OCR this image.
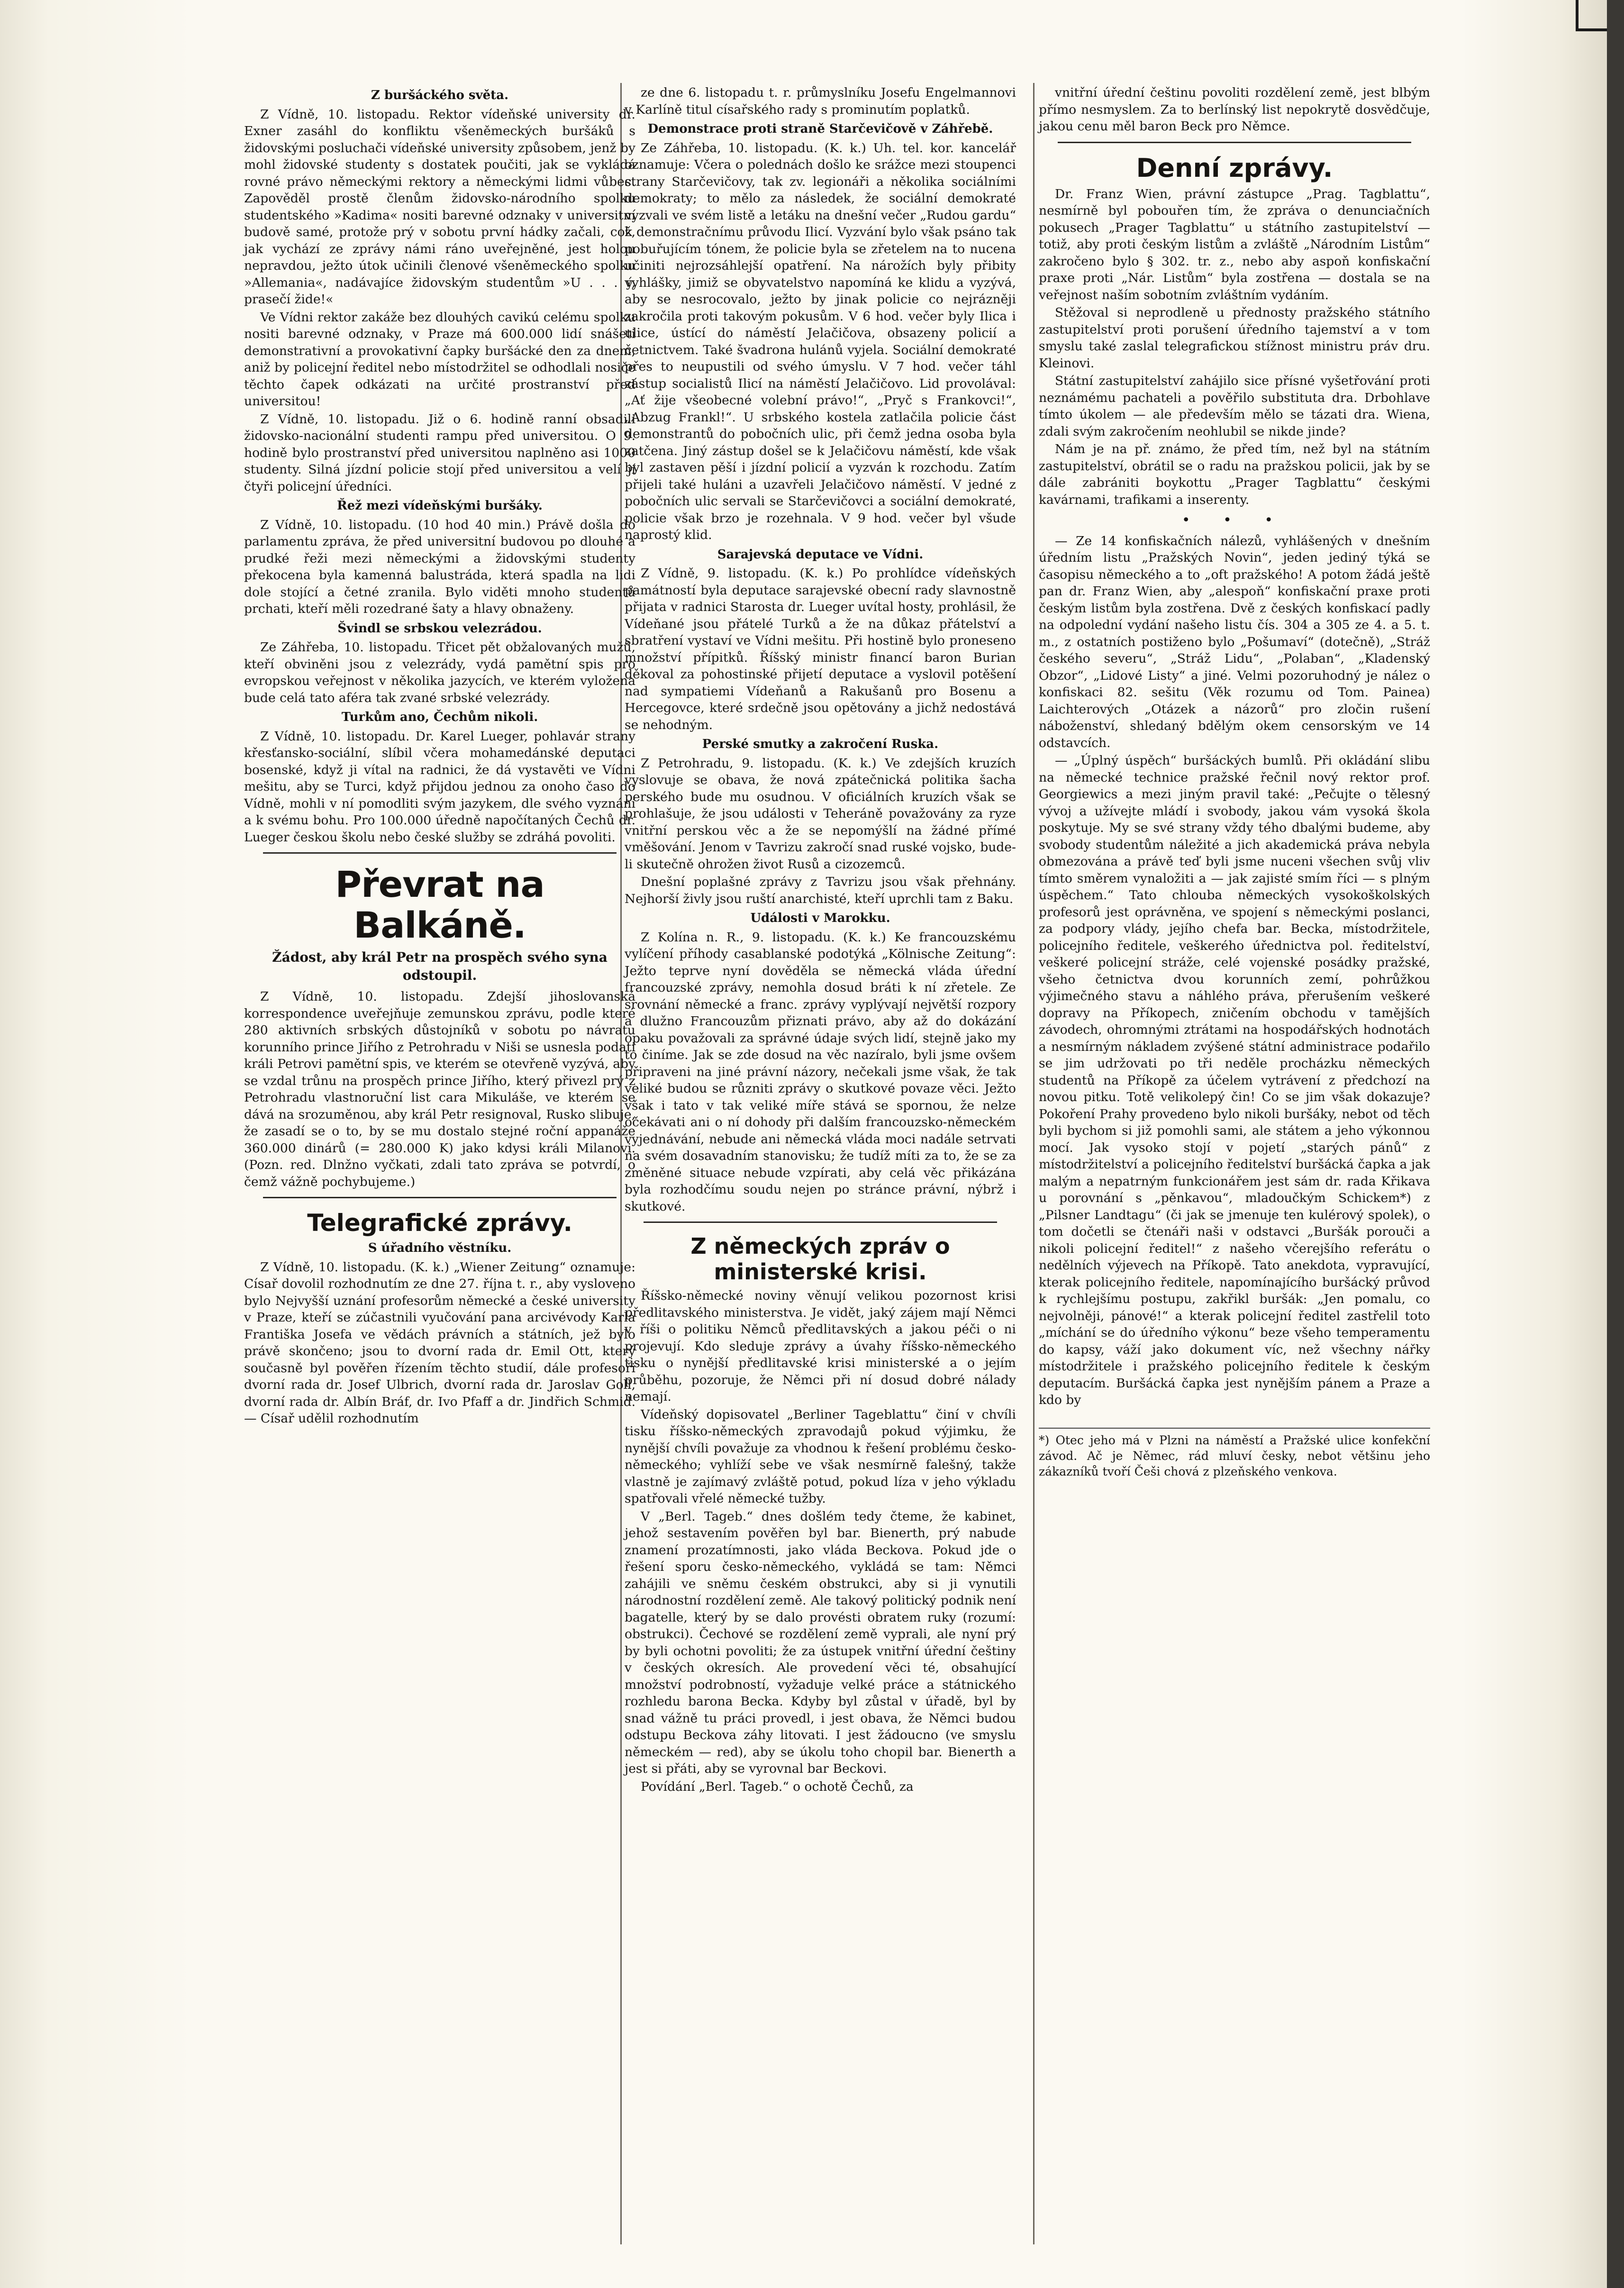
Z buršáckého světa.

Z Vídně, 10. listopadu. Rektor vídeňské university dr. Exner zasáhl do konfliktu všeněmeckých buršáků s židovskými posluchači vídeňské university způsobem, jenž by mohl židovské studenty s dostatek poučiti, jak se vykládá rovné právo německými rektory a německými lidmi vůbec. Zapověděl prostě členům židovsko-národního spolku studentského »Kadima« nositi barevné odznaky v universitní budově samé, protože prý v sobotu první hádky začali, což, jak vychází ze zprávy námi ráno uveřejněné, jest holou nepravdou, ježto útok učinili členové všeněmeckého spolku »Allemania«, nadávajíce židovským studentům »U . . . ý, prasečí žide!«

Ve Vídni rektor zakáže bez dlouhých cavikú celému spolku nositi barevné odznaky, v Praze má 600.000 lidí snášeti demonstrativní a provokativní čapky buršácké den za dnem, aniž by policejní ředitel nebo místodržitel se odhodlali nosiče těchto čapek odkázati na určité prostranství před universitou!

Z Vídně, 10. listopadu. Již o 6. hodině ranní obsadili židovsko-nacionální studenti rampu před universitou. O 9. hodině bylo prostranství před universitou naplněno asi 1000 studenty. Silná jízdní policie stojí před universitou a velí jí čtyři policejní úředníci.

Řež mezi vídeňskými buršáky.

Z Vídně, 10. listopadu. (10 hod 40 min.) Právě došla do parlamentu zpráva, že před universitní budovou po dlouhé a prudké řeži mezi německými a židovskými studenty překocena byla kamenná balustráda, která spadla na lidi dole stojící a četné zranila. Bylo viděti mnoho studentů prchati, kteří měli rozedrané šaty a hlavy obnaženy.

Švindl se srbskou velezrádou.

Ze Záhřeba, 10. listopadu. Třicet pět obžalovaných mužů, kteří obviněni jsou z velezrády, vydá pamětní spis pro evropskou veřejnost v několika jazycích, ve kterém vyložena bude celá tato aféra tak zvané srbské velezrády.

Turkům ano, Čechům nikoli.

Z Vídně, 10. listopadu. Dr. Karel Lueger, pohlavár strany křesťansko-sociální, slíbil včera mohamedánské deputaci bosenské, když ji vítal na radnici, že dá vystavěti ve Vídni mešitu, aby se Turci, když přijdou jednou za onoho časo do Vídně, mohli v ní pomodliti svým jazykem, dle svého vyznání a k svému bohu. Pro 100.000 úředně napočítaných Čechů dr. Lueger českou školu nebo české služby se zdráhá povoliti.

Převrat na Balkáně.
Žádost, aby král Petr na prospěch svého syna odstoupil.

Z Vídně, 10. listopadu. Zdejší jihoslovanská korrespondence uveřejňuje zemunskou zprávu, podle které 280 aktivních srbských důstojníků v sobotu po návratu korunního prince Jiřího z Petrohradu v Niši se usnesla podati králi Petrovi pamětní spis, ve kterém se otevřeně vyzývá, aby se vzdal trůnu na prospěch prince Jiřího, který přivezl prý z Petrohradu vlastnoruční list cara Mikuláše, ve kterém se dává na srozuměnou, aby král Petr resignoval, Rusko slibuje, že zasadí se o to, by se mu dostalo stejné roční appanáže 360.000 dinárů (= 280.000 K) jako kdysi králi Milanovi. (Pozn. red. Dlnžno vyčkati, zdali tato zpráva se potvrdí, o čemž vážně pochybujeme.)

Telegrafické zprávy.
S úřadního věstníku.

Z Vídně, 10. listopadu. (K. k.) „Wiener Zeitung“ oznamuje: Císař dovolil rozhodnutím ze dne 27. října t. r., aby vysloveno bylo Nejvyšší uznání profesorům německé a české university v Praze, kteří se zúčastnili vyučování pana arcivévody Karla Františka Josefa ve vědách právních a státních, jež bylo právě skončeno; jsou to dvorní rada dr. Emil Ott, který současně byl pověřen řízením těchto studií, dále profesoři dvorní rada dr. Josef Ulbrich, dvorní rada dr. Jaroslav Goll, dvorní rada dr. Albín Bráf, dr. Ivo Pfaff a dr. Jindřich Schmid. — Císař udělil rozhodnutím

ze dne 6. listopadu t. r. průmyslníku Josefu Engelmannovi v Karlíně titul císařského rady s prominutím poplatků.

Demonstrace proti straně Starčevičově v Záhřebě.

Ze Záhřeba, 10. listopadu. (K. k.) Uh. tel. kor. kancelář oznamuje: Včera o polednách došlo ke srážce mezi stoupenci strany Starčevičovy, tak zv. legionáři a několika sociálními demokraty; to mělo za následek, že sociální demokraté vyzvali ve svém listě a letáku na dnešní večer „Rudou gardu“ k demonstračnímu průvodu Ilicí. Vyzvání bylo však psáno tak pobuřujícím tónem, že policie byla se zřetelem na to nucena učiniti nejrozsáhlejší opatření. Na nárožích byly přibity vyhlášky, jimiž se obyvatelstvo napomíná ke klidu a vyzývá, aby se nesrocovalo, ježto by jinak policie co nejrázněji zakročila proti takovým pokusům. V 6 hod. večer byly Ilica i ulice, ústící do náměstí Jelačičova, obsazeny policií a četnictvem. Také švadrona hulánů vyjela. Sociální demokraté přes to neupustili od svého úmyslu. V 7 hod. večer táhl zástup socialistů Ilicí na náměstí Jelačičovo. Lid provolával: „Ať žije všeobecné volební právo!“, „Pryč s Frankovci!“, „Abzug Frankl!“. U srbského kostela zatlačila policie část demonstrantů do pobočních ulic, při čemž jedna osoba byla zatčena. Jiný zástup došel se k Jelačičovu náměstí, kde však byl zastaven pěší i jízdní policií a vyzván k rozchodu. Zatím přijeli také huláni a uzavřeli Jelačičovo náměstí. V jedné z pobočních ulic servali se Starčevičovci a sociální demokraté, policie však brzo je rozehnala. V 9 hod. večer byl všude naprostý klid.

Sarajevská deputace ve Vídni.

Z Vídně, 9. listopadu. (K. k.) Po prohlídce vídeňských památností byla deputace sarajevské obecní rady slavnostně přijata v radnici Starosta dr. Lueger uvítal hosty, prohlásil, že Vídeňané jsou přátelé Turků a že na důkaz přátelství a sbratření vystaví ve Vídni mešitu. Při hostině bylo proneseno množství přípitků. Říšský ministr financí baron Burian děkoval za pohostinské přijetí deputace a vyslovil potěšení nad sympatiemi Vídeňanů a Rakušanů pro Bosenu a Hercegovce, které srdečně jsou opětovány a jichž nedostává se nehodným.

Perské smutky a zakročení Ruska.

Z Petrohradu, 9. listopadu. (K. k.) Ve zdejších kruzích vyslovuje se obava, že nová zpátečnická politika šacha perského bude mu osudnou. V oficiálních kruzích však se prohlašuje, že jsou události v Teheráně považovány za ryze vnitřní perskou věc a že se nepomýšlí na žádné přímé vměšování. Jenom v Tavrizu zakročí snad ruské vojsko, bude-li skutečně ohrožen život Rusů a cizozemců.

Dnešní poplašné zprávy z Tavrizu jsou však přehnány. Nejhorší živly jsou ruští anarchisté, kteří uprchli tam z Baku.

Události v Marokku.

Z Kolína n. R., 9. listopadu. (K. k.) Ke francouzskému vylíčení příhody casablanské podotýká „Kölnische Zeitung“: Ježto teprve nyní dověděla se německá vláda úřední francouzské zprávy, nemohla dosud bráti k ní zřetele. Ze srovnání německé a franc. zprávy vyplývají největší rozpory a dlužno Francouzům přiznati právo, aby až do dokázání opaku považovali za správné údaje svých lidí, stejně jako my to činíme. Jak se zde dosud na věc nazíralo, byli jsme ovšem připraveni na jiné právní názory, nečekali jsme však, že tak veliké budou se různiti zprávy o skutkové povaze věci. Ježto však i tato v tak veliké míře stává se spornou, že nelze očekávati ani o ní dohody při dalším francouzsko-německém vyjednávání, nebude ani německá vláda moci nadále setrvati na svém dosavadním stanovisku; že tudíž míti za to, že se za změněné situace nebude vzpírati, aby celá věc přikázána byla rozhodčímu soudu nejen po stránce právní, nýbrž i skutkové.

Z německých zpráv o ministerské krisi.

Říšsko-německé noviny věnují velikou pozornost krisi předlitavského ministerstva. Je vidět, jaký zájem mají Němci v říši o politiku Němců předlitavských a jakou péči o ni projevují. Kdo sleduje zprávy a úvahy říšsko-německého tisku o nynější předlitavské krisi ministerské a o jejím průběhu, pozoruje, že Němci při ní dosud dobré nálady nemají.

Vídeňský dopisovatel „Berliner Tageblattu“ činí v chvíli tisku říšsko-německých zpravodajů pokud výjimku, že nynější chvíli považuje za vhodnou k řešení problému česko-německého; vyhlíží sebe ve však nesmírně falešný, takže vlastně je zajímavý zvláště potud, pokud líza v jeho výkladu spatřovali vřelé německé tužby.

V „Berl. Tageb.“ dnes došlém tedy čteme, že kabinet, jehož sestavením pověřen byl bar. Bienerth, prý nabude znamení prozatímnosti, jako vláda Beckova. Pokud jde o řešení sporu česko-německého, vykládá se tam: Němci zahájili ve sněmu českém obstrukci, aby si ji vynutili národnostní rozdělení země. Ale takový politický podnik není bagatelle, který by se dalo provésti obratem ruky (rozumí: obstrukci). Čechové se rozdělení země vyprali, ale nyní prý by byli ochotni povoliti; že za ústupek vnitřní úřední češtiny v českých okresích. Ale provedení věci té, obsahující množství podrobností, vyžaduje velké práce a státnického rozhledu barona Becka. Kdyby byl zůstal v úřadě, byl by snad vážně tu práci provedl, i jest obava, že Němci budou odstupu Beckova záhy litovati. I jest žádoucno (ve smyslu německém — red), aby se úkolu toho chopil bar. Bienerth a jest si přáti, aby se vyrovnal bar Beckovi.

Povídání „Berl. Tageb.“ o ochotě Čechů, za

vnitřní úřední češtinu povoliti rozdělení země, jest blbým přímo nesmyslem. Za to berlínský list nepokrytě dosvědčuje, jakou cenu měl baron Beck pro Němce.

Denní zprávy.

Dr. Franz Wien, právní zástupce „Prag. Tagblattu“, nesmírně byl pobouřen tím, že zpráva o denunciačních pokusech „Prager Tagblattu“ u státního zastupitelství — totiž, aby proti českým listům a zvláště „Národním Listům“ zakročeno bylo § 302. tr. z., nebo aby aspoň konfiskační praxe proti „Nár. Listům“ byla zostřena — dostala se na veřejnost naším sobotním zvláštním vydáním.

Stěžoval si neprodleně u přednosty pražského státního zastupitelství proti porušení úředního tajemství a v tom smyslu také zaslal telegrafickou stížnost ministru práv dru. Kleinovi.

Státní zastupitelství zahájilo sice přísné vyšetřování proti neznámému pachateli a pověřilo substituta dra. Drbohlave tímto úkolem — ale především mělo se tázati dra. Wiena, zdali svým zakročením neohlubil se nikde jinde?

Nám je na př. známo, že před tím, než byl na státním zastupitelství, obrátil se o radu na pražskou policii, jak by se dále zabrániti boykottu „Prager Tagblattu“ českými kavárnami, trafikami a inserenty.

• • •

— Ze 14 konfiskačních nálezů, vyhlášených v dnešním úředním listu „Pražských Novin“, jeden jediný týká se časopisu německého a to „oft pražského! A potom žádá ještě pan dr. Franz Wien, aby „alespoň“ konfiskační praxe proti českým listům byla zostřena. Dvě z českých konfiskací padly na odpolední vydání našeho listu čís. 304 a 305 ze 4. a 5. t. m., z ostatních postiženo bylo „Pošumaví“ (dotečně), „Stráž českého severu“, „Stráž Lidu“, „Polaban“, „Kladenský Obzor“, „Lidové Listy“ a jiné. Velmi pozoruhodný je nález o konfiskaci 82. sešitu (Věk rozumu od Tom. Painea) Laichterových „Otázek a názorů“ pro zločin rušení náboženství, shledaný bdělým okem censorským ve 14 odstavcích.

— „Úplný úspěch“ buršáckých bumlů. Při okládání slibu na německé technice pražské řečnil nový rektor prof. Georgiewics a mezi jiným pravil také: „Pečujte o tělesný vývoj a užívejte mládí i svobody, jakou vám vysoká škola poskytuje. My se své strany vždy tého dbalými budeme, aby svobody studentům náležité a jich akademická práva nebyla obmezována a právě teď byli jsme nuceni všechen svůj vliv tímto směrem vynaložiti a — jak zajisté smím říci — s plným úspěchem.“ Tato chlouba německých vysokoškolských profesorů jest oprávněna, ve spojení s německými poslanci, za podpory vlády, jejího chefa bar. Becka, místodržitele, policejního ředitele, veškerého úřednictva pol. ředitelství, veškeré policejní stráže, celé vojenské posádky pražské, všeho četnictva dvou korunních zemí, pohrůžkou výjimečného stavu a náhlého práva, přerušením veškeré dopravy na Příkopech, zničením obchodu v tamějších závodech, ohromnými ztrátami na hospodářských hodnotách a nesmírným nákladem zvýšené státní administrace podařilo se jim udržovati po tři neděle procházku německých studentů na Příkopě za účelem vytrávení z předchozí na novou pitku. Totě velikolepý čin! Co se jim však dokazuje? Pokoření Prahy provedeno bylo nikoli buršáky, nebot od těch byli bychom si již pomohli sami, ale státem a jeho výkonnou mocí. Jak vysoko stojí v pojetí „starých pánů“ z místodržitelství a policejního ředitelství buršácká čapka a jak malým a nepatrným funkcionářem jest sám dr. rada Křikava u porovnání s „pěnkavou“, mladoučkým Schickem*) z „Pilsner Landtagu“ (či jak se jmenuje ten kulérový spolek), o tom dočetli se čtenáři naši v odstavci „Buršák porouči a nikoli policejní ředitel!“ z našeho včerejšího referátu o nedělních výjevech na Příkopě. Tato anekdota, vypravující, kterak policejního ředitele, napomínajícího buršácký průvod k rychlejšímu postupu, zakřikl buršák: „Jen pomalu, co nejvolněji, pánové!“ a kterak policejní ředitel zastřelil toto „míchání se do úředního výkonu“ beze všeho temperamentu do kapsy, váží jako dokument víc, než všechny nářky místodržitele i pražského policejního ředitele k českým deputacím. Buršácká čapka jest nynějším pánem a Praze a kdo by

*) Otec jeho má v Plzni na náměstí a Pražské ulice konfekční závod. Ač je Němec, rád mluví česky, nebot většinu jeho zákazníků tvoří Češi chová z plzeňského venkova.
